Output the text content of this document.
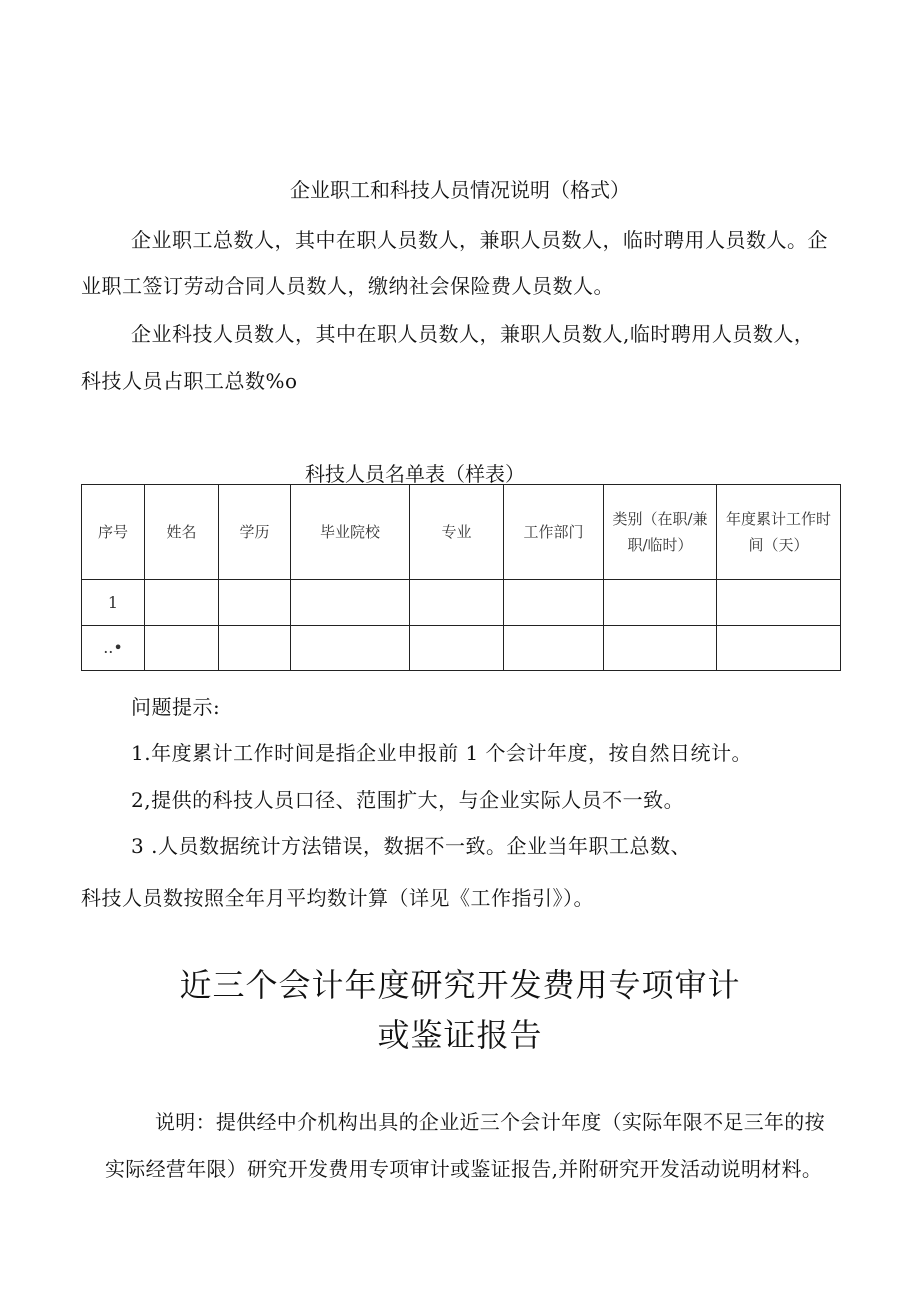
企业职工和科技人员情况说明（格式）
企业职工总数人，其中在职人员数人，兼职人员数人，临时聘用人员数人。企
业职工签订劳动合同人员数人，缴纳社会保险费人员数人。
企业科技人员数人，其中在职人员数人，兼职人员数人,临时聘用人员数人，
科技人员占职工总数%o
科技人员名单表（样表）
序号	姓名	学历	毕业院校	专业	工作部门	类别（在职/兼职/临时）	年度累计工作时间（天）
1							
..•							
问题提示:
1.年度累计工作时间是指企业申报前 1 个会计年度，按自然日统计。
2,提供的科技人员口径、范围扩大，与企业实际人员不一致。
3 .人员数据统计方法错误，数据不一致。企业当年职工总数、
科技人员数按照全年月平均数计算（详见《工作指引》）。
近三个会计年度研究开发费用专项审计
或鉴证报告
说明：提供经中介机构出具的企业近三个会计年度（实际年限不足三年的按
实际经营年限）研究开发费用专项审计或鉴证报告,并附研究开发活动说明材料。
